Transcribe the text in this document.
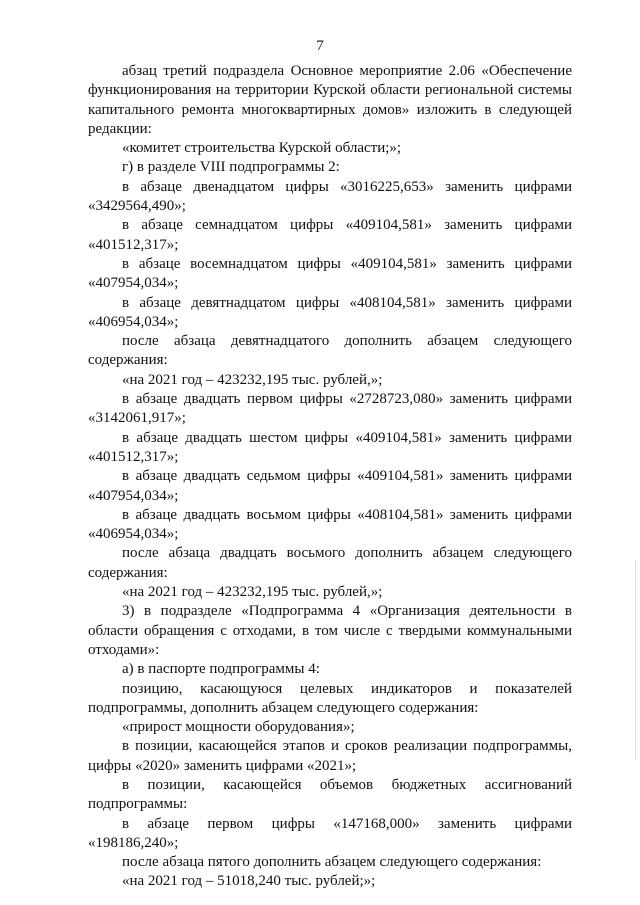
7
абзац третий подраздела Основное мероприятие 2.06 «Обеспечение
функционирования на территории Курской области региональной системы
капитального ремонта многоквартирных домов» изложить в следующей
редакции:
«комитет строительства Курской области;»;
г) в разделе VIII подпрограммы 2:
в абзаце двенадцатом цифры «3016225,653» заменить цифрами
«3429564,490»;
в абзаце семнадцатом цифры «409104,581» заменить цифрами
«401512,317»;
в абзаце восемнадцатом цифры «409104,581» заменить цифрами
«407954,034»;
в абзаце девятнадцатом цифры «408104,581» заменить цифрами
«406954,034»;
после абзаца девятнадцатого дополнить абзацем следующего
содержания:
«на 2021 год – 423232,195 тыс. рублей,»;
в абзаце двадцать первом цифры «2728723,080» заменить цифрами
«3142061,917»;
в абзаце двадцать шестом цифры «409104,581» заменить цифрами
«401512,317»;
в абзаце двадцать седьмом цифры «409104,581» заменить цифрами
«407954,034»;
в абзаце двадцать восьмом цифры «408104,581» заменить цифрами
«406954,034»;
после абзаца двадцать восьмого дополнить абзацем следующего
содержания:
«на 2021 год – 423232,195 тыс. рублей,»;
3) в подразделе «Подпрограмма 4 «Организация деятельности в
области обращения с отходами, в том числе с твердыми коммунальными
отходами»:
а) в паспорте подпрограммы 4:
позицию, касающуюся целевых индикаторов и показателей
подпрограммы, дополнить абзацем следующего содержания:
«прирост мощности оборудования»;
в позиции, касающейся этапов и сроков реализации подпрограммы,
цифры «2020» заменить цифрами «2021»;
в позиции, касающейся объемов бюджетных ассигнований
подпрограммы:
в абзаце первом цифры «147168,000» заменить цифрами
«198186,240»;
после абзаца пятого дополнить абзацем следующего содержания:
«на 2021 год – 51018,240 тыс. рублей;»;
